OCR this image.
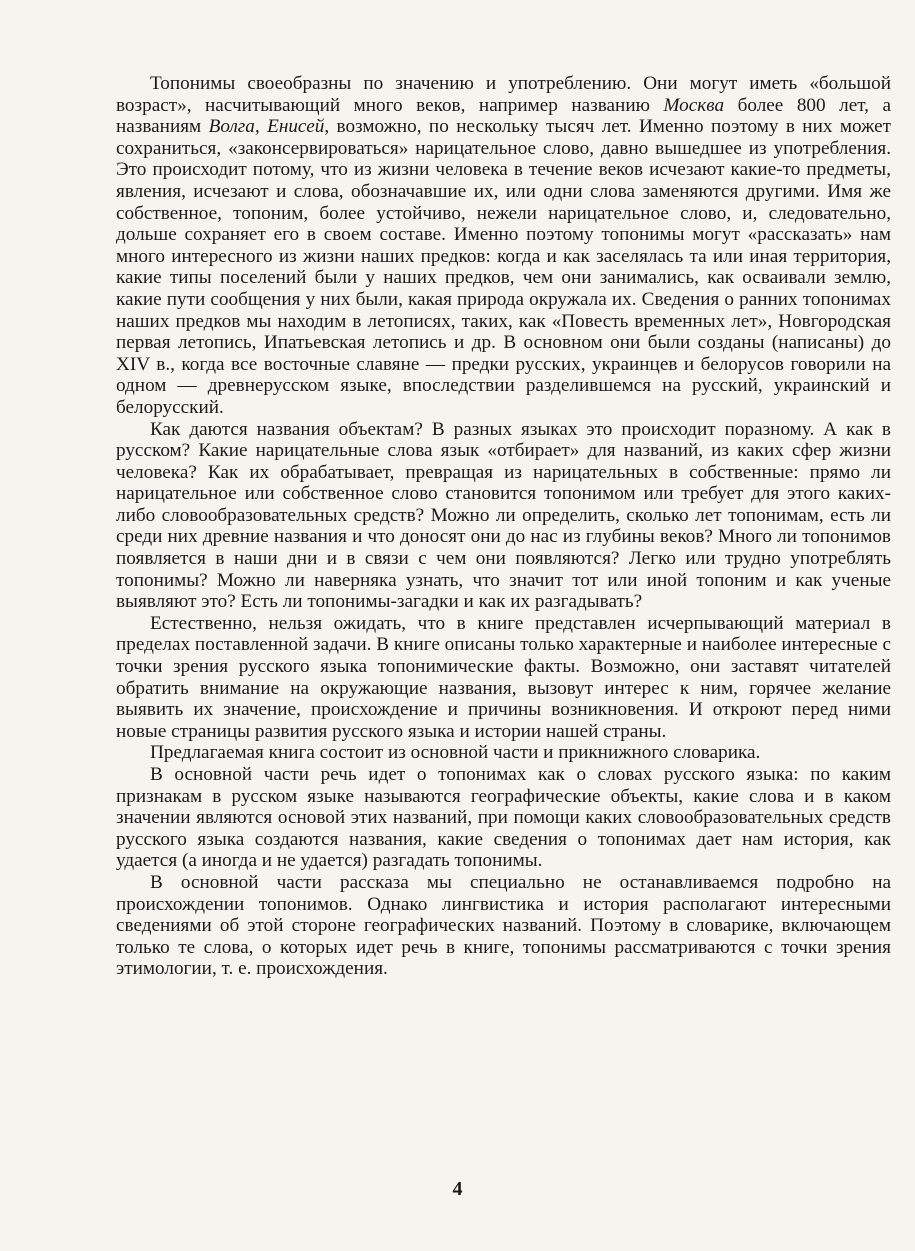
Топонимы своеобразны по значению и употреблению. Они могут иметь «большой возраст», насчитывающий много веков, например названию Москва более 800 лет, а названиям Волга, Енисей, возможно, по нескольку тысяч лет. Именно поэтому в них может сохраниться, «законсервироваться» нарицательное слово, давно вышедшее из употребления. Это происходит потому, что из жизни человека в течение веков исчезают какие-то предметы, явления, исчезают и слова, обозначавшие их, или одни слова заменяются другими. Имя же собственное, топоним, более устойчиво, нежели нарицательное слово, и, следовательно, дольше сохраняет его в своем составе. Именно поэтому топонимы могут «рассказать» нам много интересного из жизни наших предков: когда и как заселялась та или иная территория, какие типы поселений были у наших предков, чем они занимались, как осваивали землю, какие пути сообщения у них были, какая природа окружала их. Сведения о ранних топонимах наших предков мы находим в летописях, таких, как «Повесть временных лет», Новгородская первая летопись, Ипатьевская летопись и др. В основном они были созданы (написаны) до XIV в., когда все восточные славяне — предки русских, украинцев и белорусов говорили на одном — древнерусском языке, впоследствии разделившемся на русский, украинский и белорусский.

Как даются названия объектам? В разных языках это происходит поразному. А как в русском? Какие нарицательные слова язык «отбирает» для названий, из каких сфер жизни человека? Как их обрабатывает, превращая из нарицательных в собственные: прямо ли нарицательное или собственное слово становится топонимом или требует для этого каких-либо словообразовательных средств? Можно ли определить, сколько лет топонимам, есть ли среди них древние названия и что доносят они до нас из глубины веков? Много ли топонимов появляется в наши дни и в связи с чем они появляются? Легко или трудно употреблять топонимы? Можно ли наверняка узнать, что значит тот или иной топоним и как ученые выявляют это? Есть ли топонимы-загадки и как их разгадывать?

Естественно, нельзя ожидать, что в книге представлен исчерпывающий материал в пределах поставленной задачи. В книге описаны только характерные и наиболее интересные с точки зрения русского языка топонимические факты. Возможно, они заставят читателей обратить внимание на окружающие названия, вызовут интерес к ним, горячее желание выявить их значение, происхождение и причины возникновения. И откроют перед ними новые страницы развития русского языка и истории нашей страны.

Предлагаемая книга состоит из основной части и прикнижного словарика.

В основной части речь идет о топонимах как о словах русского языка: по каким признакам в русском языке называются географические объекты, какие слова и в каком значении являются основой этих названий, при помощи каких словообразовательных средств русского языка создаются названия, какие сведения о топонимах дает нам история, как удается (а иногда и не удается) разгадать топонимы.

В основной части рассказа мы специально не останавливаемся подробно на происхождении топонимов. Однако лингвистика и история располагают интересными сведениями об этой стороне географических названий. Поэтому в словарике, включающем только те слова, о которых идет речь в книге, топонимы рассматриваются с точки зрения этимологии, т. е. происхождения.

4
